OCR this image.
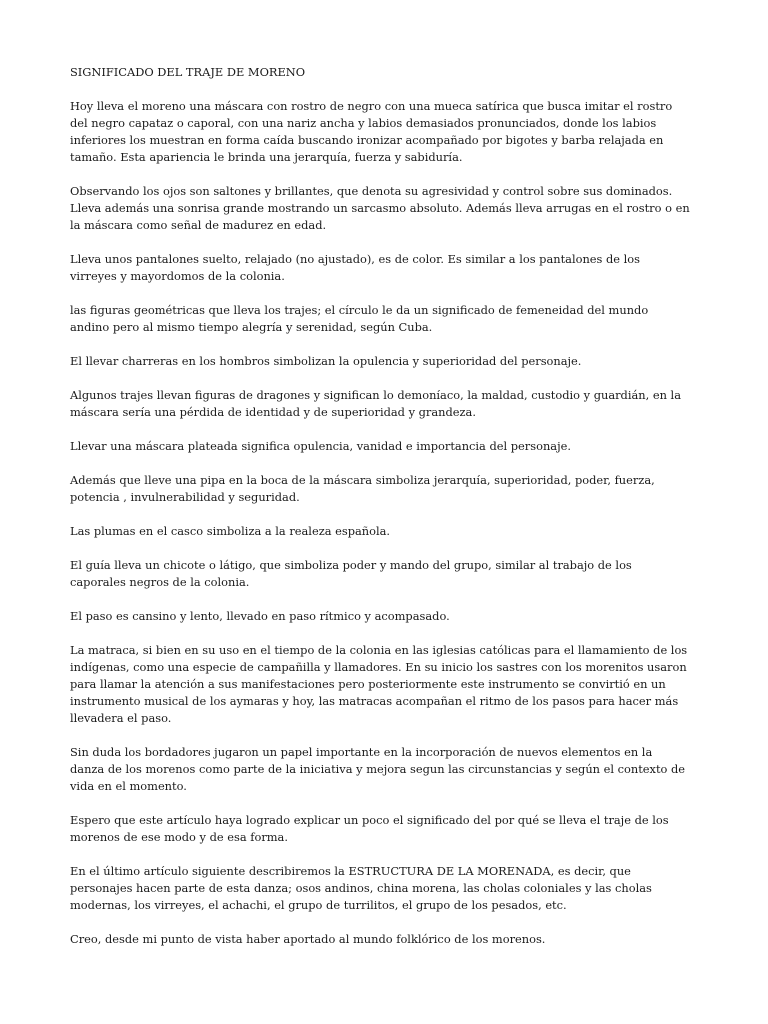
SIGNIFICADO DEL TRAJE DE MORENO

Hoy lleva el moreno una máscara con rostro de negro con una mueca satírica que busca imitar el rostro del negro capataz o caporal, con una nariz ancha y labios demasiados pronunciados, donde los labios inferiores los muestran en forma caída buscando ironizar acompañado por bigotes y barba relajada en tamaño. Esta apariencia le brinda una jerarquía, fuerza y sabiduría.

Observando los ojos son saltones y brillantes, que denota su agresividad y control sobre sus dominados. Lleva además una sonrisa grande mostrando un sarcasmo absoluto. Además lleva arrugas en el rostro o en la máscara como señal de madurez en edad.

Lleva unos pantalones suelto, relajado (no ajustado), es de color. Es similar a los pantalones de los virreyes y mayordomos de la colonia.

las figuras geométricas que lleva los trajes; el círculo le da un significado de femeneidad del mundo andino pero al mismo tiempo alegría y serenidad, según Cuba.

El llevar charreras en los hombros simbolizan la opulencia y superioridad del personaje.

Algunos trajes llevan figuras de dragones y significan lo demoníaco, la maldad, custodio y guardián, en la máscara sería una pérdida de identidad y de superioridad y grandeza.

Llevar una máscara plateada significa opulencia, vanidad e importancia del personaje.

Además que lleve una pipa en la boca de la máscara simboliza jerarquía, superioridad, poder, fuerza, potencia , invulnerabilidad y seguridad.

Las plumas en el casco simboliza a la realeza española.

El guía lleva un chicote o látigo, que simboliza poder y mando del grupo, similar al trabajo de los caporales negros de la colonia.

El paso es cansino y lento, llevado en paso rítmico y acompasado.

La matraca, si bien en su uso en el tiempo de la colonia en las iglesias católicas para el llamamiento de los indígenas, como una especie de campañilla y llamadores. En su inicio los sastres con los morenitos usaron para llamar la atención a sus manifestaciones pero posteriormente este instrumento se convirtió en un instrumento musical de los aymaras y hoy, las matracas acompañan el ritmo de los pasos para hacer más llevadera el paso.

Sin duda los bordadores jugaron un papel importante en la incorporación de nuevos elementos en la danza de los morenos como parte de la iniciativa y mejora segun las circunstancias y según el contexto de vida en el momento.

Espero que este artículo haya logrado explicar un poco el significado del por qué se lleva el traje de los morenos de ese modo y de esa forma.

En el último artículo siguiente describiremos la ESTRUCTURA DE LA MORENADA, es decir, que personajes hacen parte de esta danza; osos andinos, china morena, las cholas coloniales y las cholas modernas, los virreyes, el achachi, el grupo de turrilitos, el grupo de los pesados, etc.

Creo, desde mi punto de vista haber aportado al mundo folklórico de los morenos.
